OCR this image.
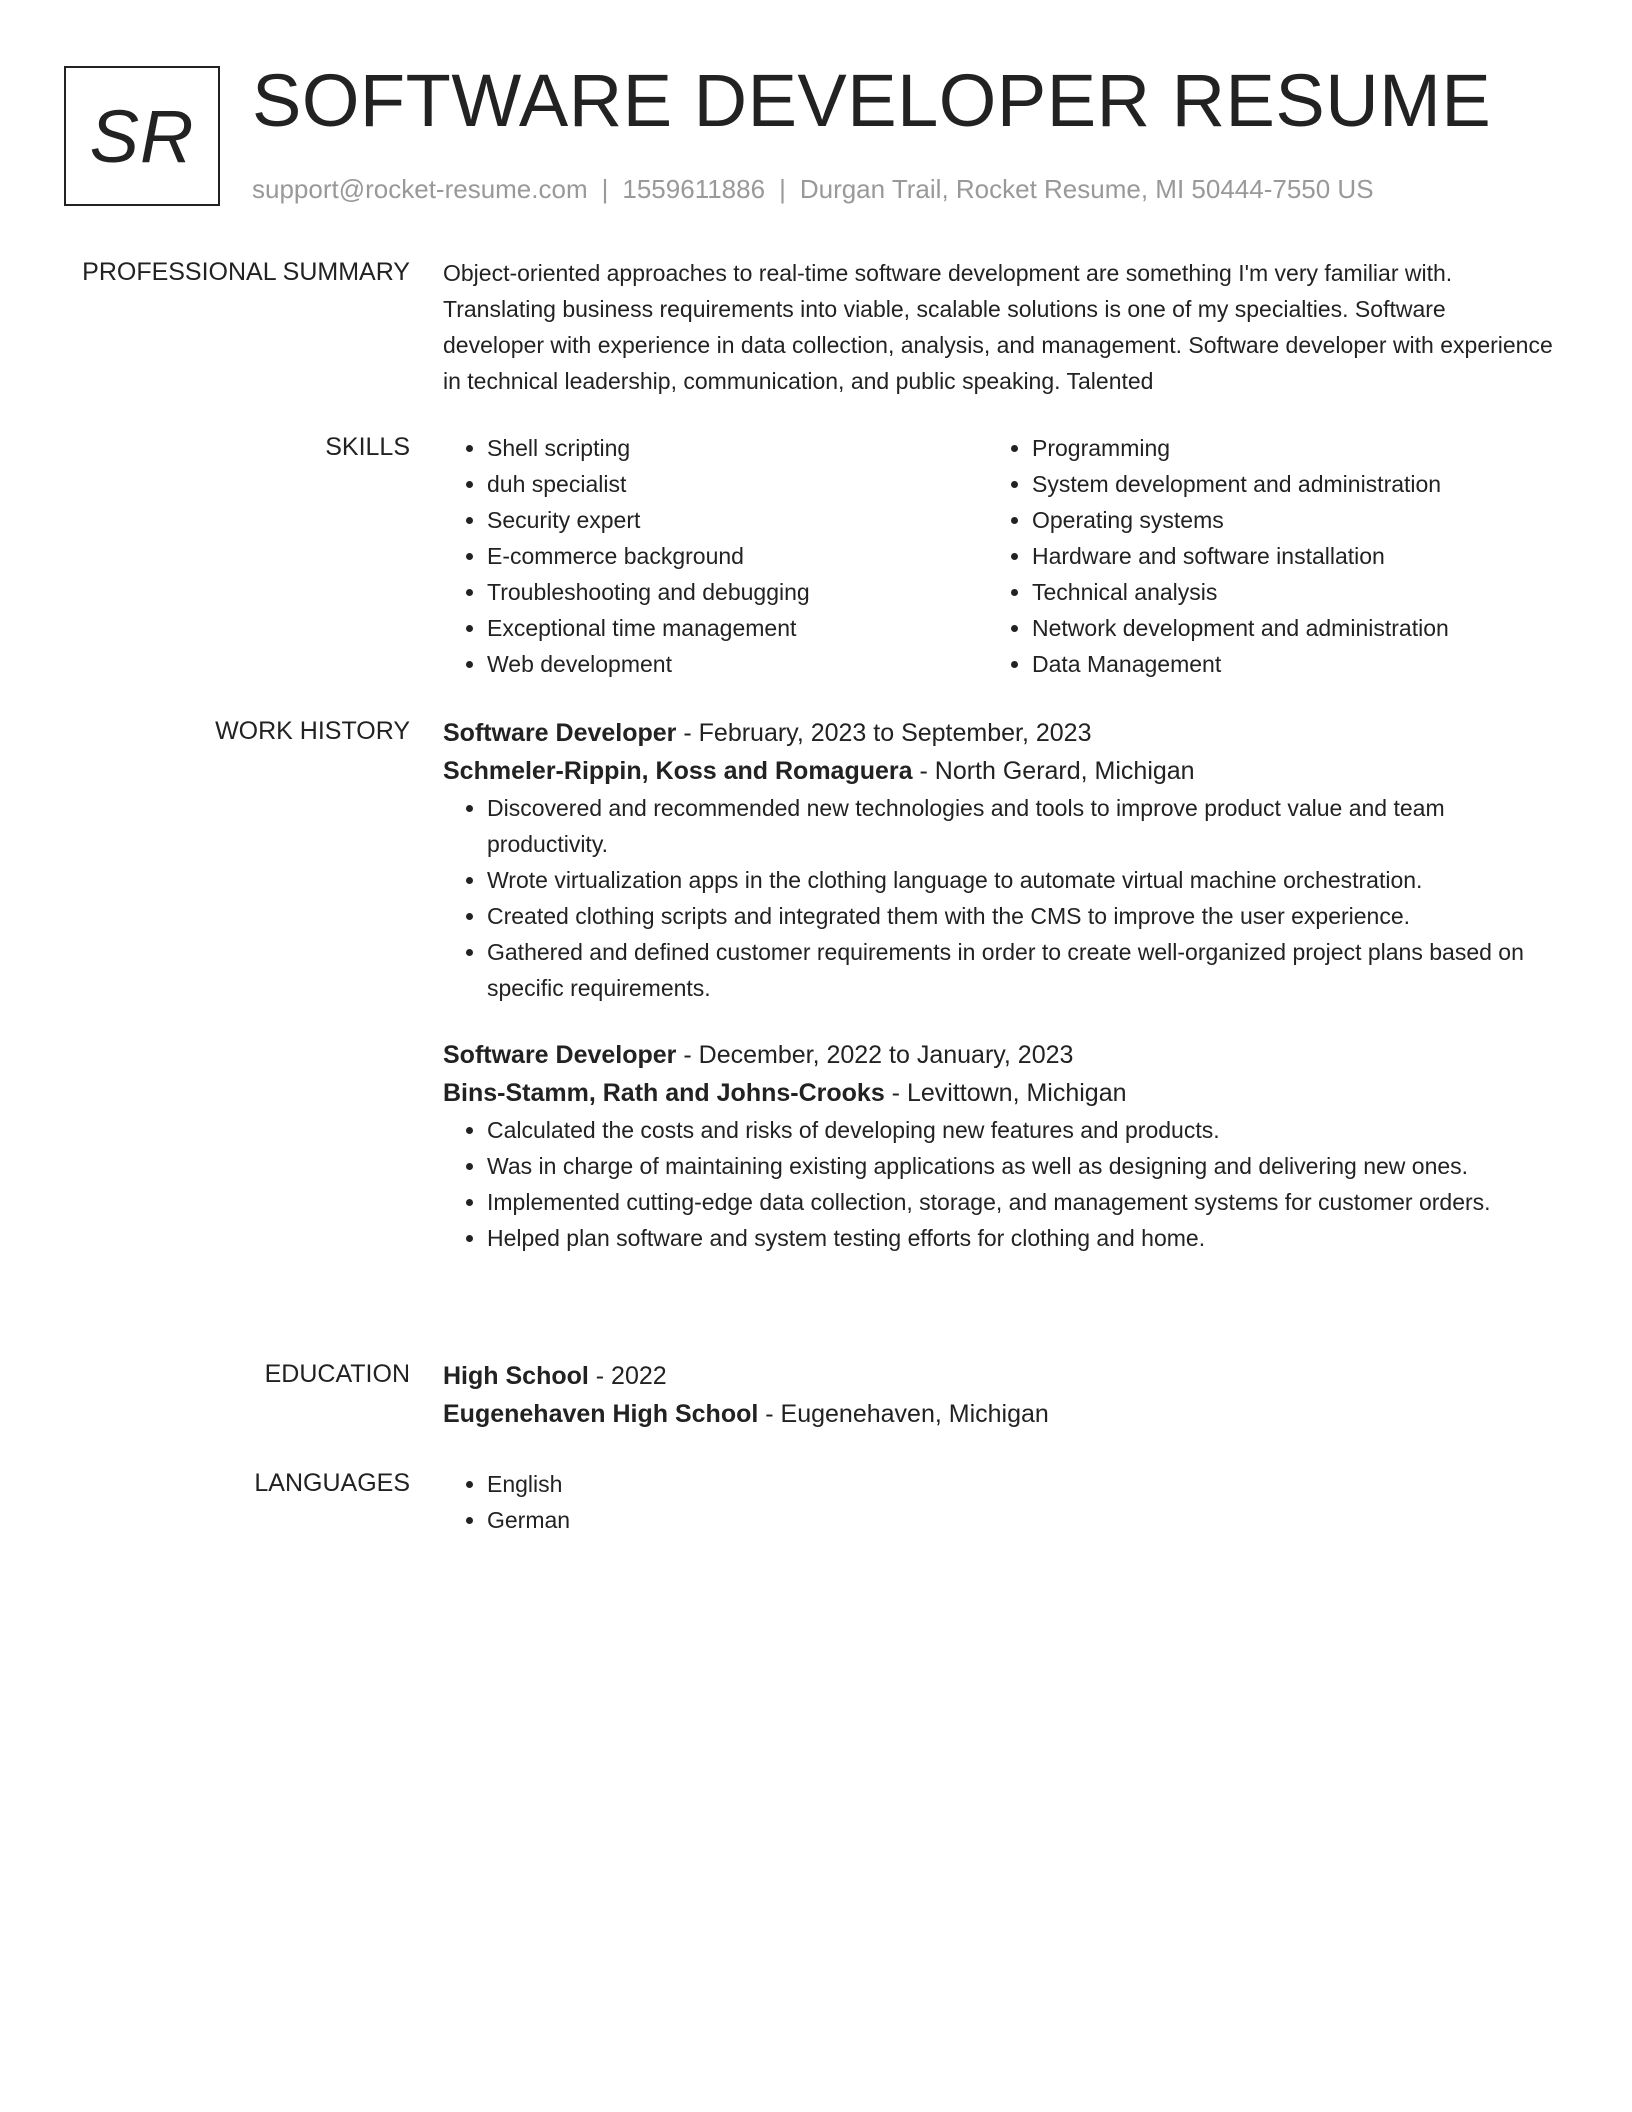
SR SOFTWARE DEVELOPER RESUME
support@rocket-resume.com | 1559611886 | Durgan Trail, Rocket Resume, MI 50444-7550 US
PROFESSIONAL SUMMARY Object-oriented approaches to real-time software development are something I'm very familiar with. Translating business requirements into viable, scalable solutions is one of my specialties. Software developer with experience in data collection, analysis, and management. Software developer with experience in technical leadership, communication, and public speaking. Talented

SKILLS	• Shell scripting
• duh specialist
• Security expert
• E-commerce background
• Troubleshooting and debugging
• Exceptional time management
• Web development
• Programming
• System development and administration
• Operating systems
• Hardware and software installation
• Technical analysis
• Network development and administration
• Data Management
WORK HISTORY Software Developer - February, 2023 to September, 2023
Schmeler-Rippin, Koss and Romaguera - North Gerard, Michigan
• Discovered and recommended new technologies and tools to improve product value and team productivity.
• Wrote virtualization apps in the clothing language to automate virtual machine orchestration.
• Created clothing scripts and integrated them with the CMS to improve the user experience.
• Gathered and defined customer requirements in order to create well-organized project plans based on specific requirements.
Software Developer - December, 2022 to January, 2023
Bins-Stamm, Rath and Johns-Crooks - Levittown, Michigan
• Calculated the costs and risks of developing new features and products.
• Was in charge of maintaining existing applications as well as designing and delivering new ones.
• Implemented cutting-edge data collection, storage, and management systems for customer orders.
• Helped plan software and system testing efforts for clothing and home.
EDUCATION High School - 2022
Eugenehaven High School - Eugenehaven, Michigan
LANGUAGES	• English
• German
